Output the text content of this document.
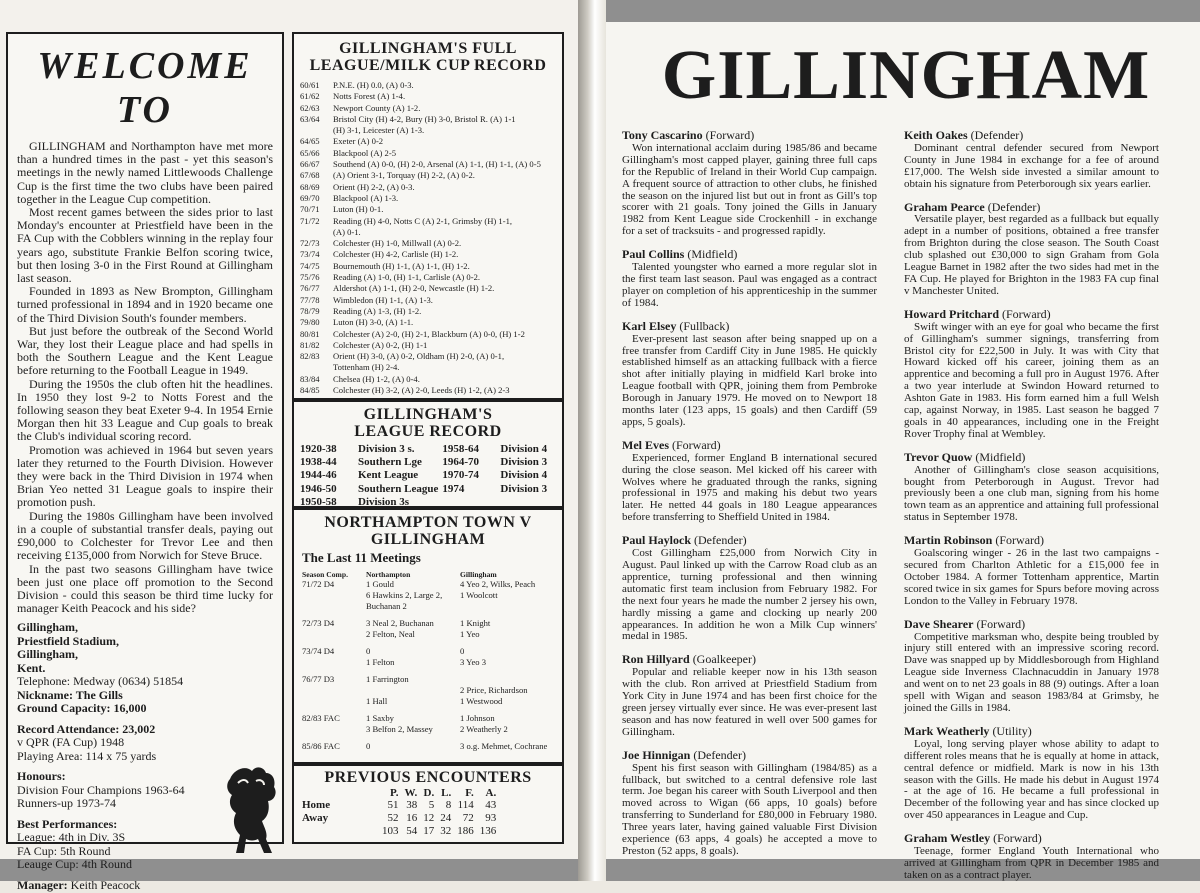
WELCOME TO

GILLINGHAM and Northampton have met more than a hundred times in the past - yet this season's meetings in the newly named Littlewoods Challenge Cup is the first time the two clubs have been paired together in the League Cup competition.

Most recent games between the sides prior to last Monday's encounter at Priestfield have been in the FA Cup with the Cobblers winning in the replay four years ago, substitute Frankie Belfon scoring twice, but then losing 3-0 in the First Round at Gillingham last season.

Founded in 1893 as New Brompton, Gillingham turned professional in 1894 and in 1920 became one of the Third Division South's founder members.

But just before the outbreak of the Second World War, they lost their League place and had spells in both the Southern League and the Kent League before returning to the Football League in 1949.

During the 1950s the club often hit the headlines. In 1950 they lost 9-2 to Notts Forest and the following season they beat Exeter 9-4. In 1954 Ernie Morgan then hit 33 League and Cup goals to break the Club's individual scoring record.

Promotion was achieved in 1964 but seven years later they returned to the Fourth Division. However they were back in the Third Division in 1974 when Brian Yeo netted 31 League goals to inspire their promotion push.

During the 1980s Gillingham have been involved in a couple of substantial transfer deals, paying out £90,000 to Colchester for Trevor Lee and then receiving £135,000 from Norwich for Steve Bruce.

In the past two seasons Gillingham have twice been just one place off promotion to the Second Division - could this season be third time lucky for manager Keith Peacock and his side?

Gillingham,
Priestfield Stadium,
Gillingham,
Kent.
Telephone: Medway (0634) 51854
Nickname: The Gills
Ground Capacity: 16,000
Record Attendance: 23,002
v QPR (FA Cup) 1948
Playing Area: 114 x 75 yards
Honours:
Division Four Champions 1963-64
Runners-up 1973-74
Best Performances:
League: 4th in Div. 3S
FA Cup: 5th Round
Leauge Cup: 4th Round
Manager: Keith Peacock
GILLINGHAM'S FULL
LEAGUE/MILK CUP RECORD
60/61	P.N.E. (H) 0.0, (A) 0-3.
61/62	Notts Forest (A) 1-4.
62/63	Newport County (A) 1-2.
63/64	Bristol City (H) 4-2, Bury (H) 3-0, Bristol R. (A) 1-1
	(H) 3-1, Leicester (A) 1-3.
64/65	Exeter (A) 0-2
65/66	Blackpool (A) 2-5
66/67	Southend (A) 0-0, (H) 2-0, Arsenal (A) 1-1, (H) 1-1, (A) 0-5
67/68	(A) Orient 3-1, Torquay (H) 2-2, (A) 0-2.
68/69	Orient (H) 2-2, (A) 0-3.
69/70	Blackpool (A) 1-3.
70/71	Luton (H) 0-1.
71/72	Reading (H) 4-0, Notts C (A) 2-1, Grimsby (H) 1-1,
	(A) 0-1.
72/73	Colchester (H) 1-0, Millwall (A) 0-2.
73/74	Colchester (H) 4-2, Carlisle (H) 1-2.
74/75	Bournemouth (H) 1-1, (A) 1-1, (H) 1-2.
75/76	Reading (A) 1-0, (H) 1-1, Carlisle (A) 0-2.
76/77	Aldershot (A) 1-1, (H) 2-0, Newcastle (H) 1-2.
77/78	Wimbledon (H) 1-1, (A) 1-3.
78/79	Reading (A) 1-3, (H) 1-2.
79/80	Luton (H) 3-0, (A) 1-1.
80/81	Colchester (A) 2-0, (H) 2-1, Blackburn (A) 0-0, (H) 1-2
81/82	Colchester (A) 0-2, (H) 1-1
82/83	Orient (H) 3-0, (A) 0-2, Oldham (H) 2-0, (A) 0-1,
	Tottenham (H) 2-4.
83/84	Chelsea (H) 1-2, (A) 0-4.
84/85	Colchester (H) 3-2, (A) 2-0, Leeds (H) 1-2, (A) 2-3

GILLINGHAM'S
LEAGUE RECORD
1920-38	Division 3 s.	1958-64	Division 4
1938-44	Southern Lge	1964-70	Division 3
1944-46	Kent League	1970-74	Division 4
1946-50	Southern League	1974	Division 3
1950-58	Division 3s		
NORTHAMPTON TOWN V
GILLINGHAM
The Last 11 Meetings
Season Comp.	Northampton	Gillingham
71/72 D4	1 Gould	4 Yeo 2, Wilks, Peach
	6 Hawkins 2, Large 2, Buchanan 2	1 Woolcott

72/73 D4	3 Neal 2, Buchanan	1 Knight
	2 Felton, Neal	1 Yeo

73/74 D4	0	0
	1 Felton	3 Yeo 3

76/77 D3	1 Farrington	
		2 Price, Richardson
	1 Hall	1 Westwood

82/83 FAC	1 Saxby	1 Johnson
	3 Belfon 2, Massey	2 Weatherly 2

85/86 FAC	0	3 o.g. Mehmet, Cochrane
PREVIOUS ENCOUNTERS
	P.	W.	D.	L.	F.	A.
Home	51	38	5	8	114	43
Away	52	16	12	24	72	93
	103	54	17	32	186	136
GILLINGHAM
Tony Cascarino (Forward)
Won international acclaim during 1985/86 and became Gillingham's most capped player, gaining three full caps for the Republic of Ireland in their World Cup campaign. A frequent source of attraction to other clubs, he finished the season on the injured list but out in front as Gill's top scorer with 21 goals. Tony joined the Gills in January 1982 from Kent League side Crockenhill - in exchange for a set of tracksuits - and progressed rapidly.
Paul Collins (Midfield)
Talented youngster who earned a more regular slot in the first team last season. Paul was engaged as a contract player on completion of his apprenticeship in the summer of 1984.
Karl Elsey (Fullback)
Ever-present last season after being snapped up on a free transfer from Cardiff City in June 1985. He quickly established himself as an attacking fullback with a fierce shot after initially playing in midfield Karl broke into League football with QPR, joining them from Pembroke Borough in January 1979. He moved on to Newport 18 months later (123 apps, 15 goals) and then Cardiff (59 apps, 5 goals).
Mel Eves (Forward)
Experienced, former England B international secured during the close season. Mel kicked off his career with Wolves where he graduated through the ranks, signing professional in 1975 and making his debut two years later. He netted 44 goals in 180 League appearances before transferring to Sheffield United in 1984.
Paul Haylock (Defender)
Cost Gillingham £25,000 from Norwich City in August. Paul linked up with the Carrow Road club as an apprentice, turning professional and then winning automatic first team inclusion from February 1982. For the next four years he made the number 2 jersey his own, hardly missing a game and clocking up nearly 200 appearances. In addition he won a Milk Cup winners' medal in 1985.
Ron Hillyard (Goalkeeper)
Popular and reliable keeper now in his 13th season with the club. Ron arrived at Priestfield Stadium from York City in June 1974 and has been first choice for the green jersey virtually ever since. He was ever-present last season and has now featured in well over 500 games for Gillingham.
Joe Hinnigan (Defender)
Spent his first season with Gillingham (1984/85) as a fullback, but switched to a central defensive role last term. Joe began his career with South Liverpool and then moved across to Wigan (66 apps, 10 goals) before transferring to Sunderland for £80,000 in February 1980. Three years later, having gained valuable First Division experience (63 apps, 4 goals) he accepted a move to Preston (52 apps, 8 goals).
Keith Oakes (Defender)
Dominant central defender secured from Newport County in June 1984 in exchange for a fee of around £17,000. The Welsh side invested a similar amount to obtain his signature from Peterborough six years earlier.
Graham Pearce (Defender)
Versatile player, best regarded as a fullback but equally adept in a number of positions, obtained a free transfer from Brighton during the close season. The South Coast club splashed out £30,000 to sign Graham from Gola League Barnet in 1982 after the two sides had met in the FA Cup. He played for Brighton in the 1983 FA cup final v Manchester United.
Howard Pritchard (Forward)
Swift winger with an eye for goal who became the first of Gillingham's summer signings, transferring from Bristol city for £22,500 in July. It was with City that Howard kicked off his career, joining them as an apprentice and becoming a full pro in August 1976. After a two year interlude at Swindon Howard returned to Ashton Gate in 1983. His form earned him a full Welsh cap, against Norway, in 1985. Last season he bagged 7 goals in 40 appearances, including one in the Freight Rover Trophy final at Wembley.
Trevor Quow (Midfield)
Another of Gillingham's close season acquisitions, bought from Peterborough in August. Trevor had previously been a one club man, signing from his home town team as an apprentice and attaining full professional status in September 1978.
Martin Robinson (Forward)
Goalscoring winger - 26 in the last two campaigns - secured from Charlton Athletic for a £15,000 fee in October 1984. A former Tottenham apprentice, Martin scored twice in six games for Spurs before moving across London to the Valley in February 1978.
Dave Shearer (Forward)
Competitive marksman who, despite being troubled by injury still entered with an impressive scoring record. Dave was snapped up by Middlesborough from Highland League side Inverness Clachnacuddin in January 1978 and went on to net 23 goals in 88 (9) outings. After a loan spell with Wigan and season 1983/84 at Grimsby, he joined the Gills in 1984.
Mark Weatherly (Utility)
Loyal, long serving player whose ability to adapt to different roles means that he is equally at home in attack, central defence or midfield. Mark is now in his 13th season with the Gills. He made his debut in August 1974 - at the age of 16. He became a full professional in December of the following year and has since clocked up over 450 appearances in League and Cup.
Graham Westley (Forward)
Teenage, former England Youth International who arrived at Gillingham from QPR in December 1985 and taken on as a contract player.
